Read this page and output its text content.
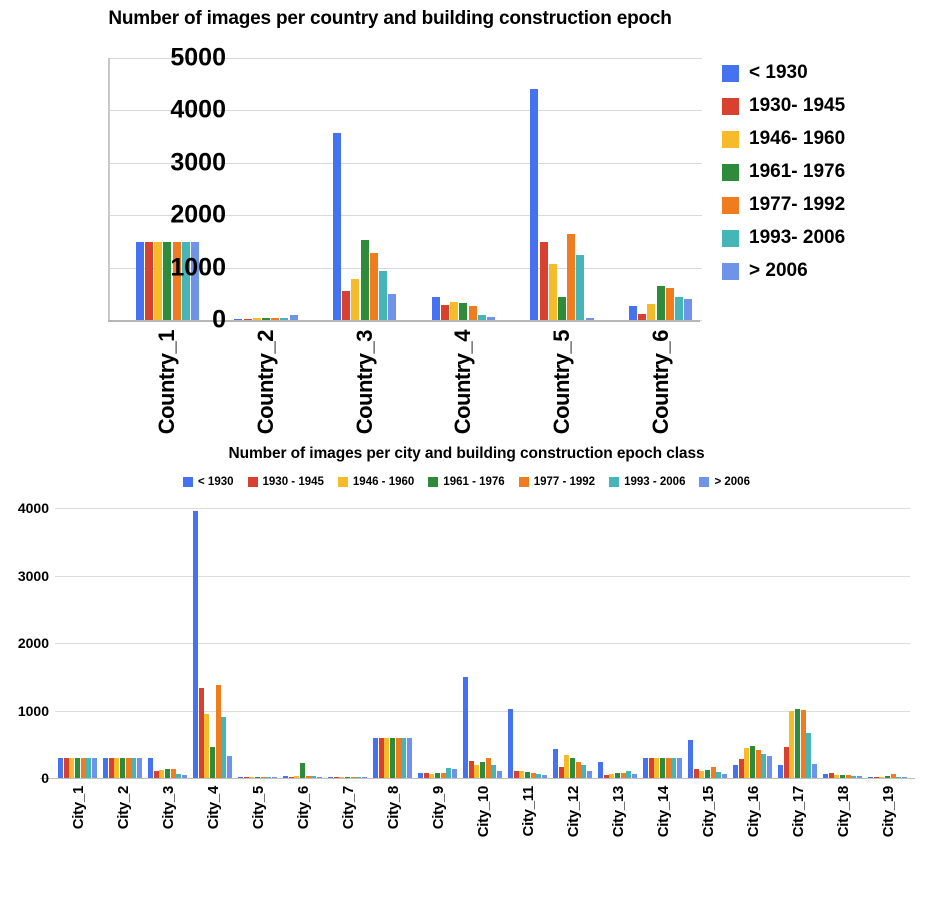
Number of images per country and building construction epoch
< 1930
1930- 1945
1946- 1960
1961- 1976
1977- 1992
1993- 2006
> 2006
5000
4000
3000
2000
1000
0
Country_1	Country_2	Country_3	Country_4	Country_5	Country_6
Number of images per city and building construction epoch class
< 1930	1930 - 1945	1946 - 1960	1961 - 1976	1977 - 1992	1993 - 2006	> 2006
4000
3000
2000
1000
0
City_1 City_2 City_3 City_4 City_5 City_6 City_7 City_8 City_9 City_10 City_11 City_12 City_13 City_14 City_15 City_16 City_17 City_18 City_19
